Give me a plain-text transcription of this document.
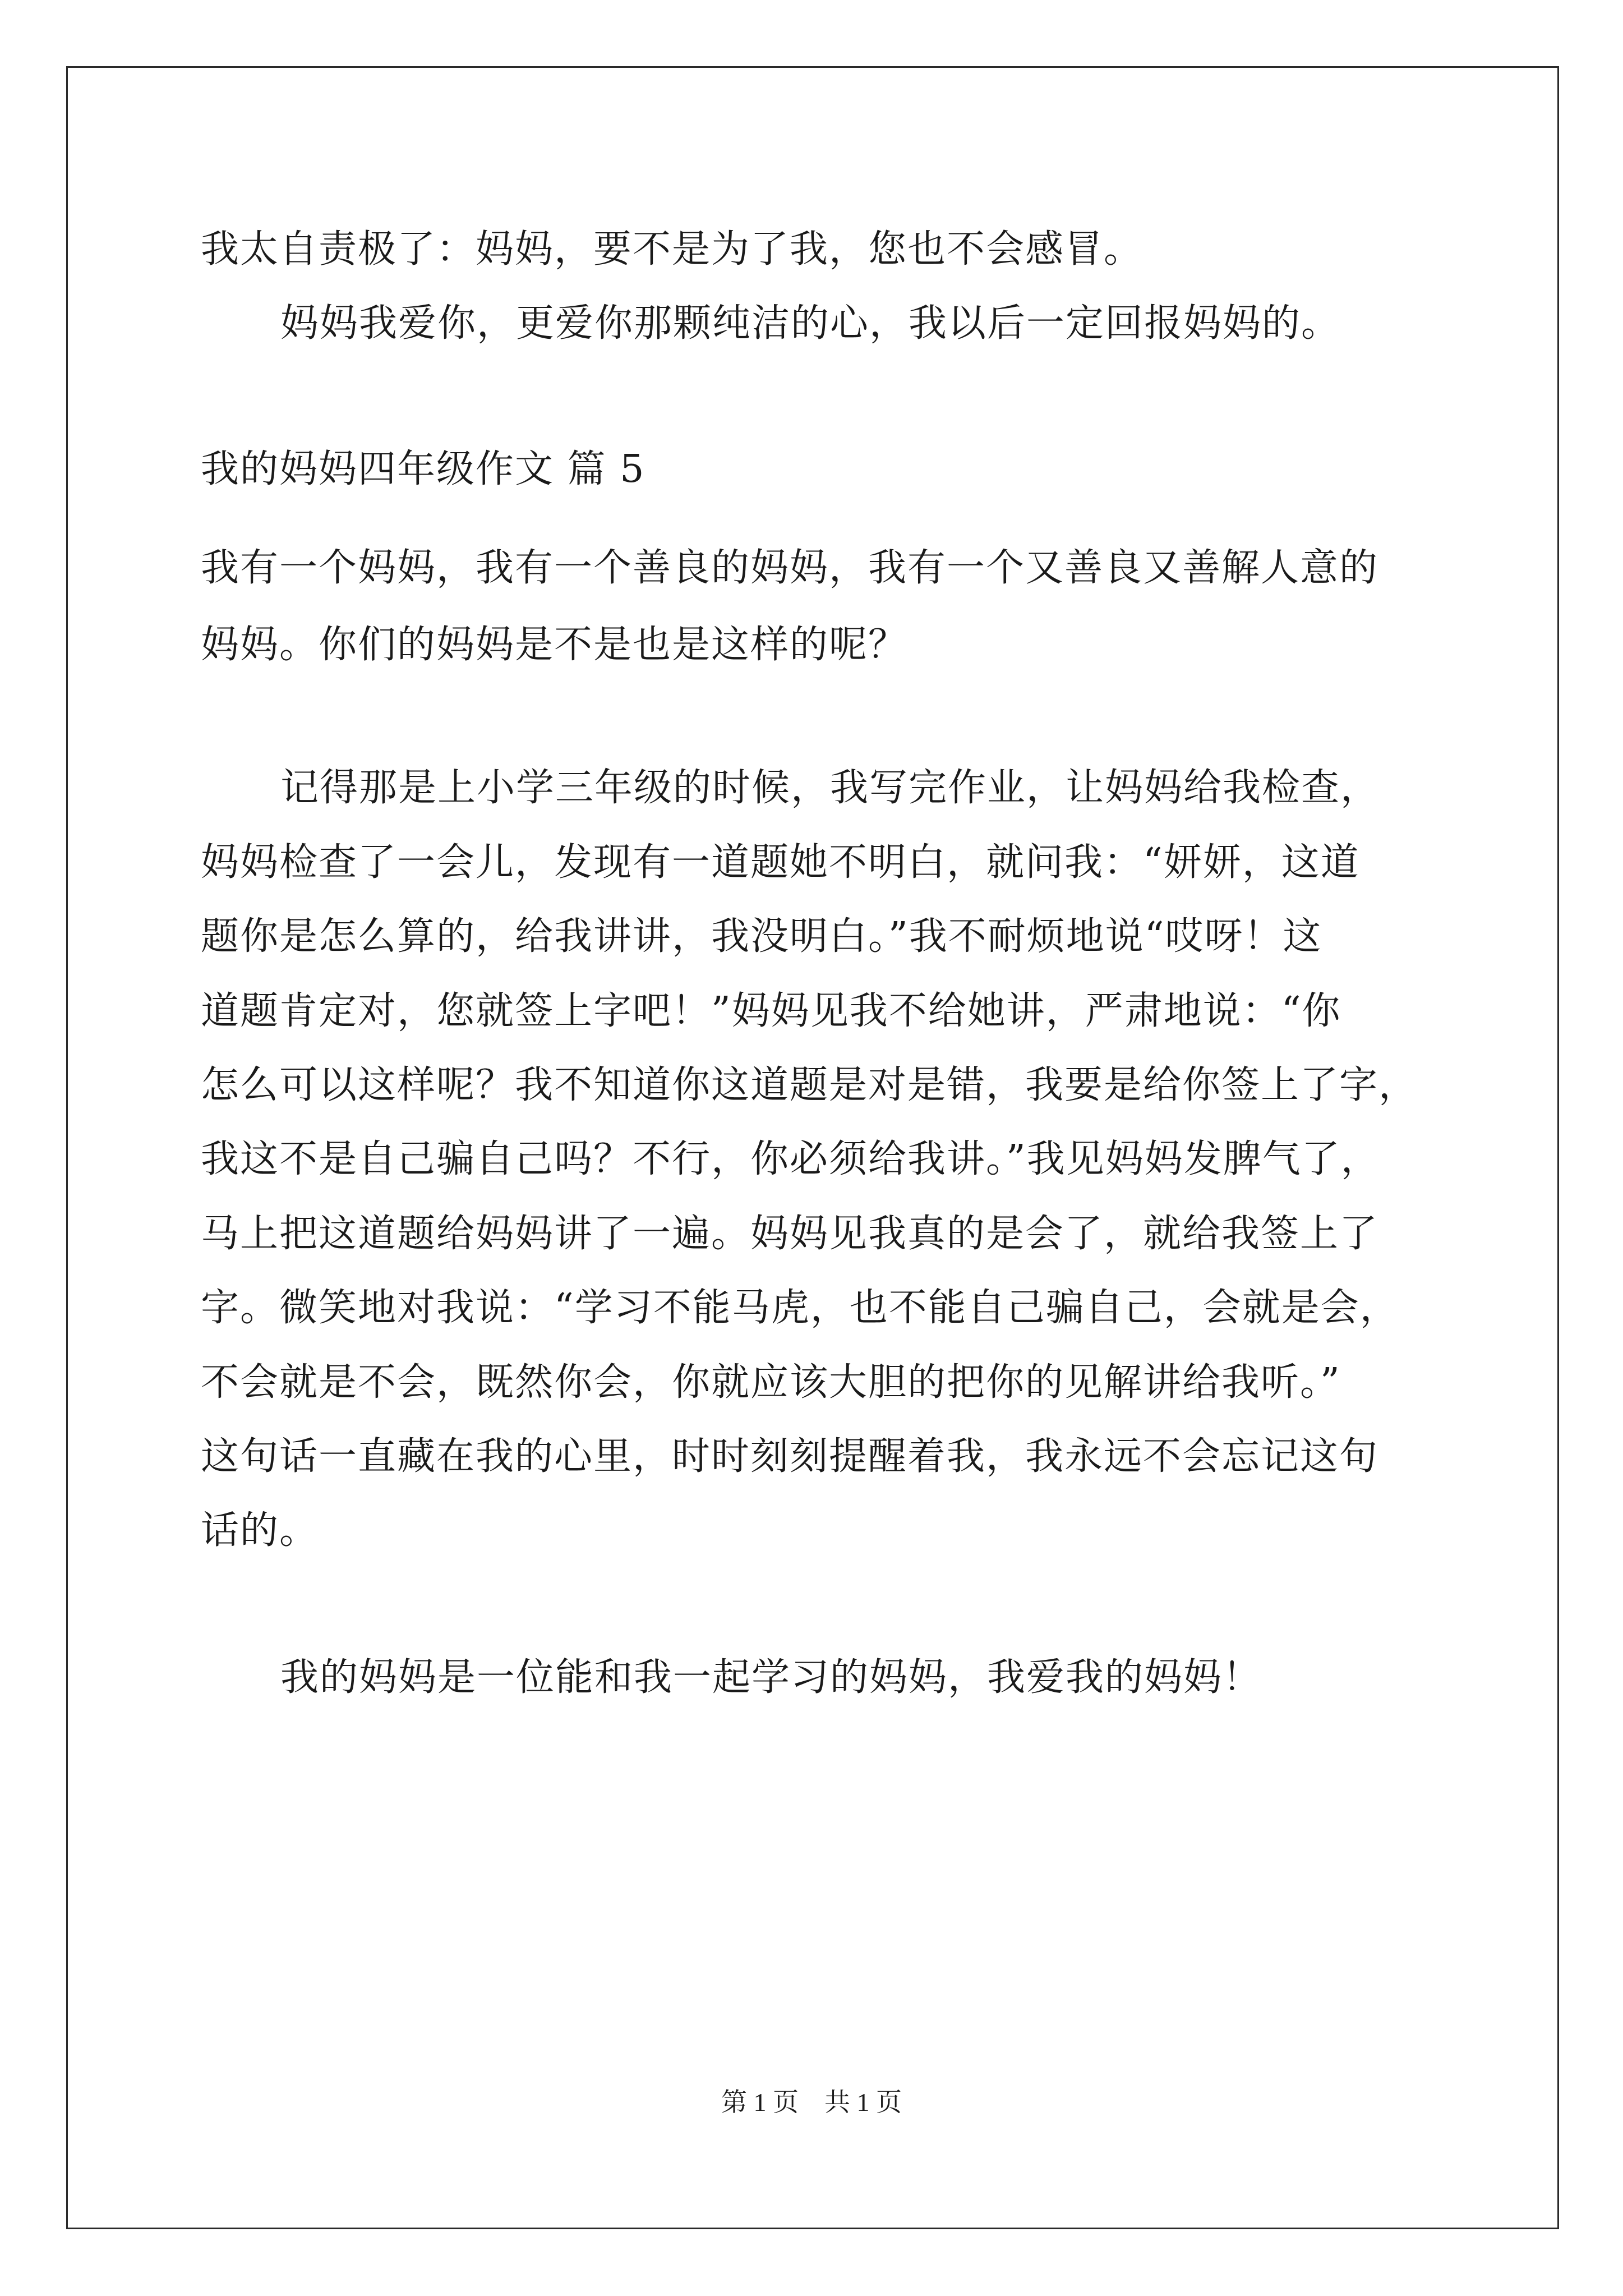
我太自责极了：妈妈，要不是为了我，您也不会感冒。
妈妈我爱你，更爱你那颗纯洁的心，我以后一定回报妈妈的。
我的妈妈四年级作文 篇 5
我有一个妈妈，我有一个善良的妈妈，我有一个又善良又善解人意的
妈妈。你们的妈妈是不是也是这样的呢？
记得那是上小学三年级的时候，我写完作业，让妈妈给我检查，
妈妈检查了一会儿，发现有一道题她不明白，就问我：“妍妍，这道
题你是怎么算的，给我讲讲，我没明白。”我不耐烦地说“哎呀！这
道题肯定对，您就签上字吧！”妈妈见我不给她讲，严肃地说：“你
怎么可以这样呢？我不知道你这道题是对是错，我要是给你签上了字，
我这不是自己骗自己吗？不行，你必须给我讲。”我见妈妈发脾气了，
马上把这道题给妈妈讲了一遍。妈妈见我真的是会了，就给我签上了
字。微笑地对我说：“学习不能马虎，也不能自己骗自己，会就是会，
不会就是不会，既然你会，你就应该大胆的把你的见解讲给我听。”
这句话一直藏在我的心里，时时刻刻提醒着我，我永远不会忘记这句
话的。
我的妈妈是一位能和我一起学习的妈妈，我爱我的妈妈！
第 1 页　共 1 页
